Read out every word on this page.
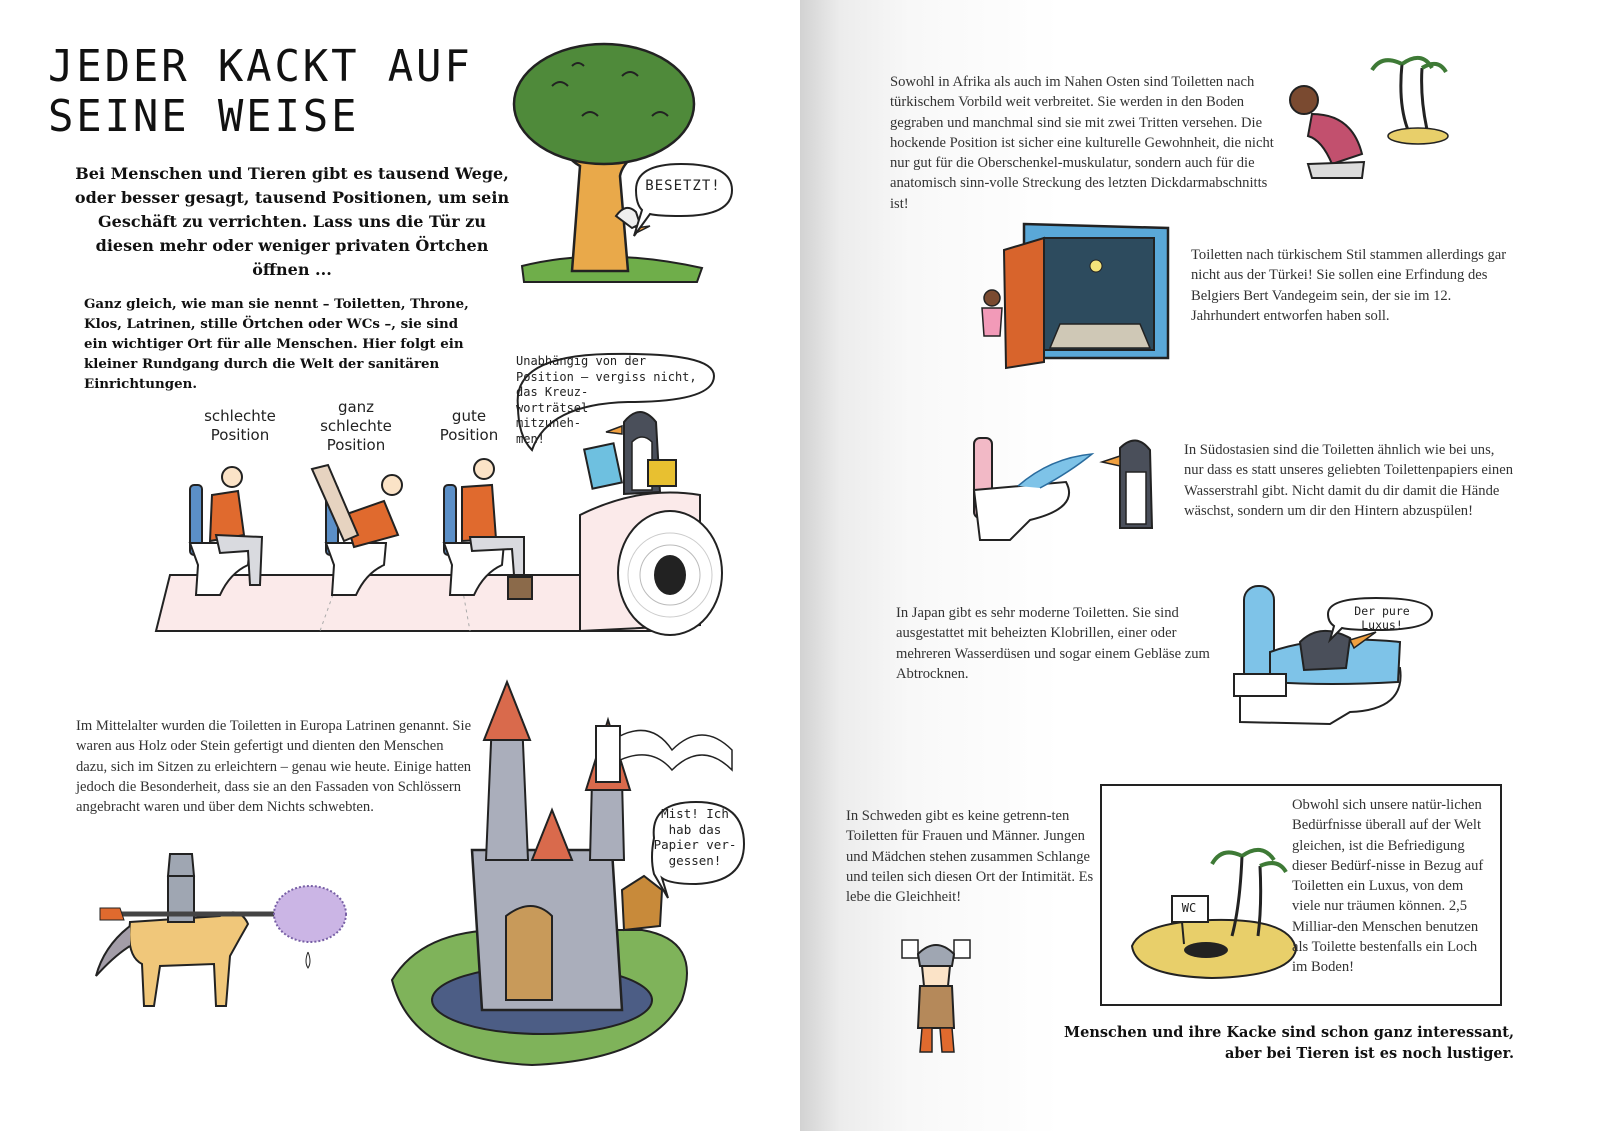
JEDER KACKT AUF
SEINE WEISE
Bei Menschen und Tieren gibt es tausend Wege, oder besser gesagt, tausend Positionen, um sein Geschäft zu verrichten. Lass uns die Tür zu diesen mehr oder weniger privaten Örtchen öffnen ...
Ganz gleich, wie man sie nennt – Toiletten, Throne, Klos, Latrinen, stille Örtchen oder WCs –, sie sind ein wichtiger Ort für alle Menschen. Hier folgt ein kleiner Rundgang durch die Welt der sanitären Einrichtungen.
BESETZT!
schlechte
Position
ganz
schlechte
Position
gute
Position
Unabhängig von der
Position – vergiss nicht,
das Kreuz-
worträtsel
mitzuneh-
men!
Im Mittelalter wurden die Toiletten in Europa Latrinen genannt. Sie waren aus Holz oder Stein gefertigt und dienten den Menschen dazu, sich im Sitzen zu erleichtern – genau wie heute. Einige hatten jedoch die Besonderheit, dass sie an den Fassaden von Schlössern angebracht waren und über dem Nichts schwebten.	Mist! Ich
hab das
Papier ver-
gessen!
Sowohl in Afrika als auch im Nahen Osten sind Toiletten nach türkischem Vorbild weit verbreitet. Sie werden in den Boden gegraben und manchmal sind sie mit zwei Tritten versehen. Die hockende Position ist sicher eine kulturelle Gewohnheit, die nicht nur gut für die Oberschenkel-muskulatur, sondern auch für die anatomisch sinn-volle Streckung des letzten Dickdarmabschnitts ist!
Toiletten nach türkischem Stil stammen allerdings gar nicht aus der Türkei! Sie sollen eine Erfindung des Belgiers Bert Vandegeim sein, der sie im 12. Jahrhundert entworfen haben soll.
In Südostasien sind die Toiletten ähnlich wie bei uns, nur dass es statt unseres geliebten Toilettenpapiers einen Wasserstrahl gibt. Nicht damit du dir damit die Hände wäschst, sondern um dir den Hintern abzuspülen!
In Japan gibt es sehr moderne Toiletten. Sie sind ausgestattet mit beheizten Klobrillen, einer oder mehreren Wasserdüsen und sogar einem Gebläse zum Abtrocknen.
Der pure Luxus!
In Schweden gibt es keine getrenn-ten Toiletten für Frauen und Männer. Jungen und Mädchen stehen zusammen Schlange und teilen sich diesen Ort der Intimität. Es lebe die Gleichheit!
WC
Obwohl sich unsere natür-lichen Bedürfnisse überall auf der Welt gleichen, ist die Befriedigung dieser Bedürf-nisse in Bezug auf Toiletten ein Luxus, von dem viele nur träumen können. 2,5 Milliar-den Menschen benutzen als Toilette bestenfalls ein Loch im Boden!
Menschen und ihre Kacke sind schon ganz interessant, aber bei Tieren ist es noch lustiger.
